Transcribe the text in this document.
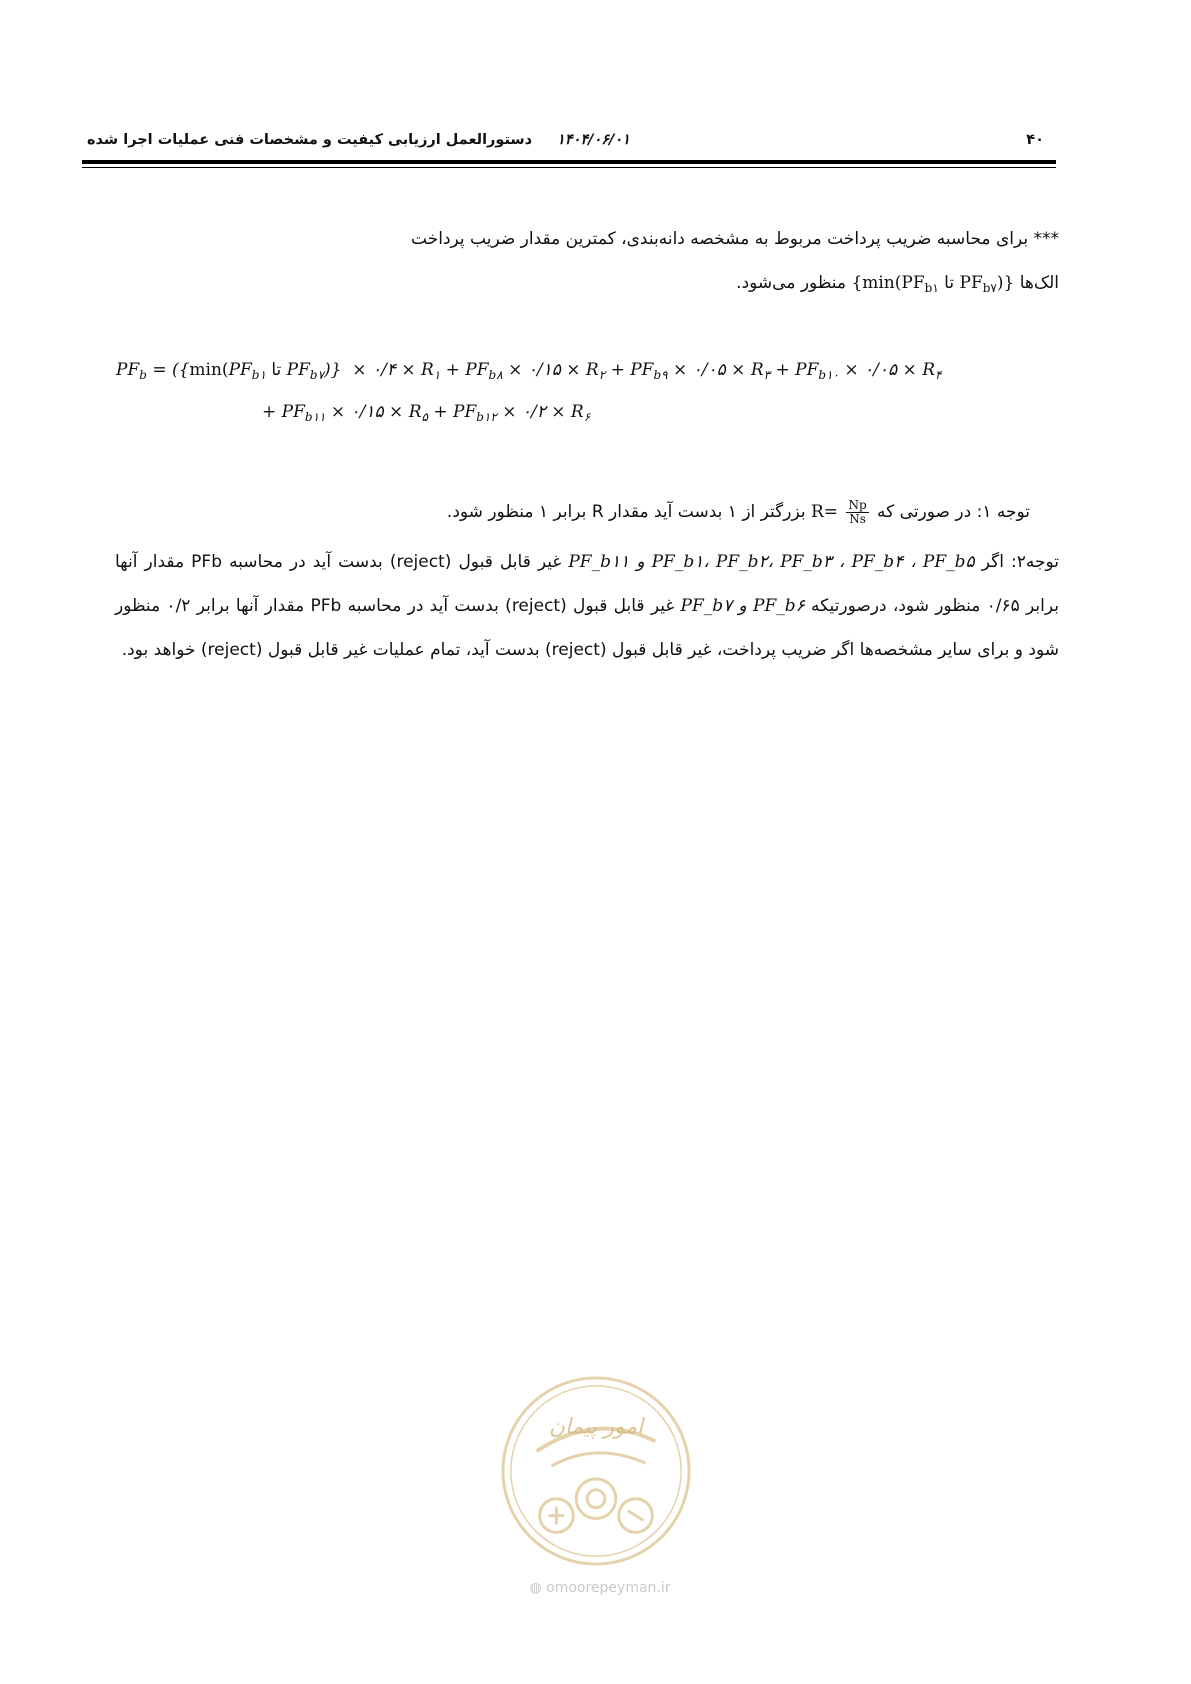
۴۰
۱۴۰۴/۰۶/۰۱
دستورالعمل ارزیابی کیفیت و مشخصات فنی عملیات اجرا شده
*** برای محاسبه ضریب پرداخت مربوط به مشخصه دانه‌بندی، کمترین مقدار ضریب پرداخت
الک‌ها {$\min(PF_{b۱}$ تا $PF_{b۷}$)} منظور می‌شود.
$PF_b = (\{\min(PF_{b۱}$ تا $PF_{b۷}$)}  × ۰/۴ × $R_۱ + PF_{b۸}$ × ۰/۱۵ × $R_۲ + PF_{b۹}$ × ۰/۰۵ × $R_۳ + PF_{b۱۰}$ × ۰/۰۵ × $R_۴$
+ $PF_{b۱۱}$ × ۰/۱۵ × $R_۵ + PF_{b۱۲}$ × ۰/۲ × $R_۶$
توجه ۱: در صورتی که $R= \frac{Np}{Ns}$
بزرگتر از ۱ بدست آید مقدار R برابر ۱ منظور شود.
توجه۲: اگر PF_b۱، PF_b۲، PF_b۳ ، PF_b۴ ، PF_b۵ و PF_b۱۱ غیر قابل قبول (reject) بدست آید در محاسبه PFb مقدار آنها برابر ۰/۶۵ منظور شود، درصورتیکه PF_b۶ و PF_b۷ غیر قابل قبول (reject) بدست آید در محاسبه PFb مقدار آنها برابر ۰/۲ منظور شود و برای سایر مشخصه‌ها اگر ضریب پرداخت، غیر قابل قبول (reject) بدست آید، تمام عملیات غیر قابل قبول (reject) خواهد بود.
امور پیمان
◍ omoorepeyman.ir
